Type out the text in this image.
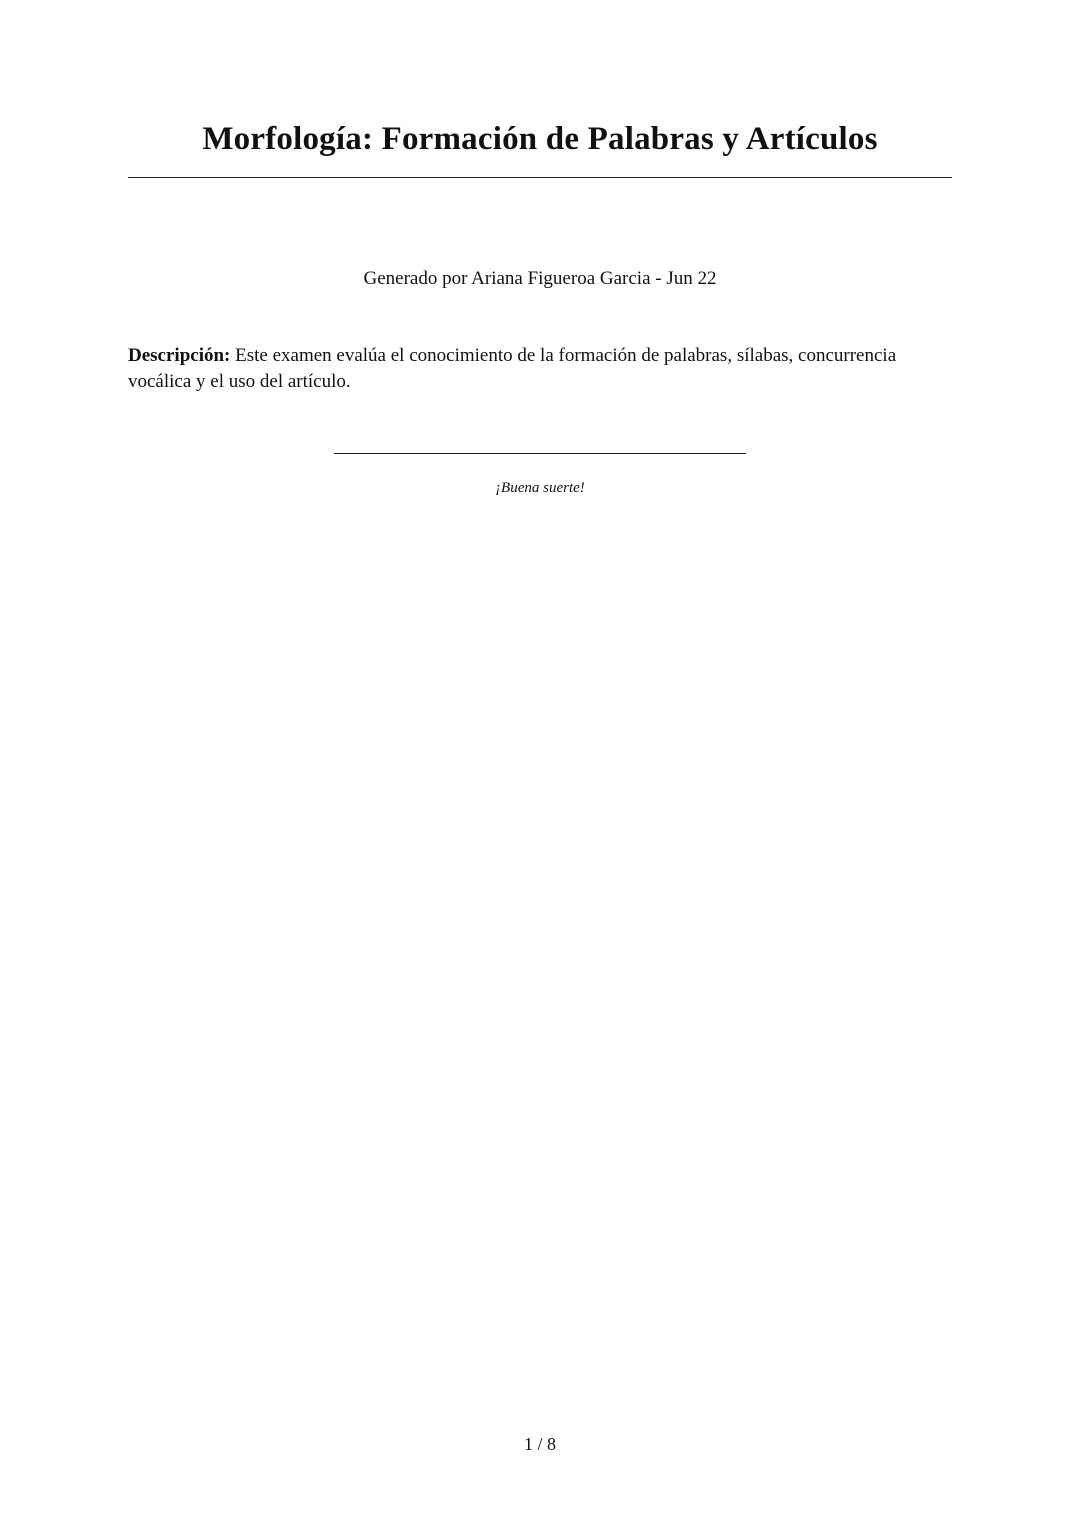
Morfología: Formación de Palabras y Artículos
Generado por Ariana Figueroa Garcia - Jun 22

Descripción: Este examen evalúa el conocimiento de la formación de palabras, sílabas, concurrencia vocálica y el uso del artículo.

¡Buena suerte!
1 / 8
